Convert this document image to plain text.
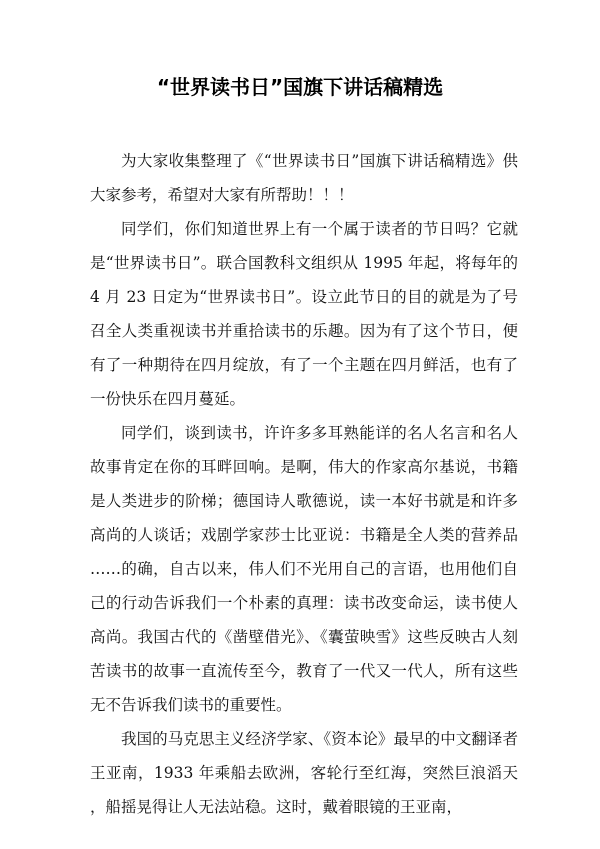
“世界读书日”国旗下讲话稿精选

为大家收集整理了《“世界读书日”国旗下讲话稿精选》供大家参考，希望对大家有所帮助！！！

同学们，你们知道世界上有一个属于读者的节日吗？它就是“世界读书日”。联合国教科文组织从 1995 年起，将每年的 4 月 23 日定为“世界读书日”。设立此节日的目的就是为了号召全人类重视读书并重拾读书的乐趣。因为有了这个节日，便有了一种期待在四月绽放，有了一个主题在四月鲜活，也有了一份快乐在四月蔓延。

同学们，谈到读书，许许多多耳熟能详的名人名言和名人故事肯定在你的耳畔回响。是啊，伟大的作家高尔基说，书籍是人类进步的阶梯；德国诗人歌德说，读一本好书就是和许多高尚的人谈话；戏剧学家莎士比亚说：书籍是全人类的营养品……的确，自古以来，伟人们不光用自己的言语，也用他们自己的行动告诉我们一个朴素的真理：读书改变命运，读书使人高尚。我国古代的《凿壁借光》、《囊萤映雪》这些反映古人刻苦读书的故事一直流传至今，教育了一代又一代人，所有这些无不告诉我们读书的重要性。

我国的马克思主义经济学家、《资本论》最早的中文翻译者王亚南，1933 年乘船去欧洲，客轮行至红海，突然巨浪滔天，船摇晃得让人无法站稳。这时，戴着眼镜的王亚南，
